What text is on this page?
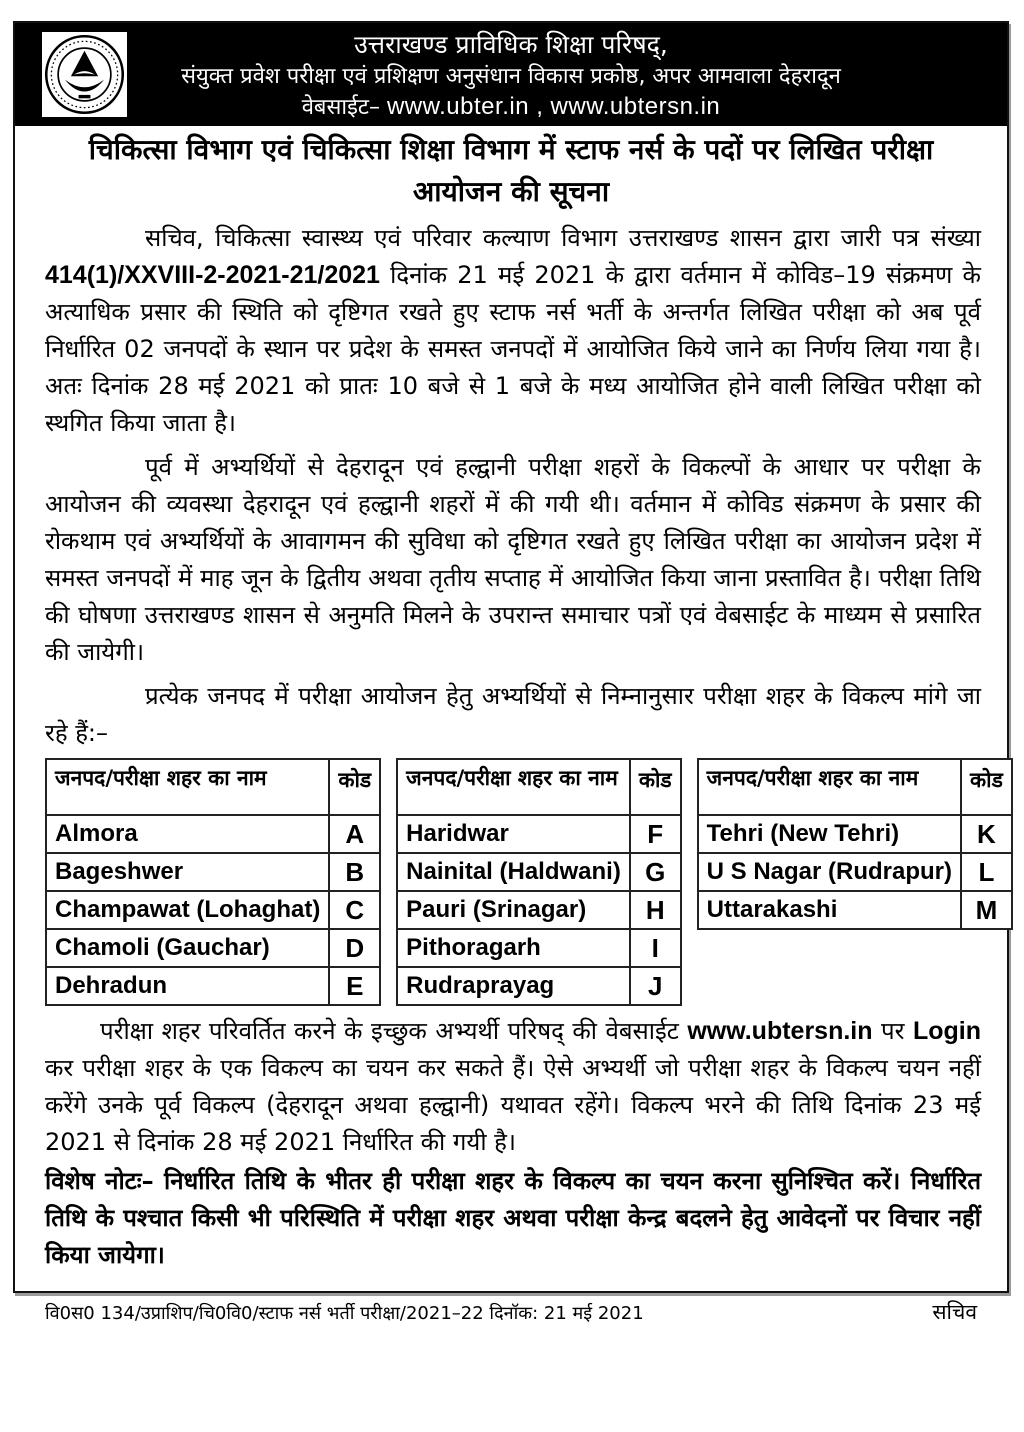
उत्तराखण्ड प्राविधिक शिक्षा परिषद्,
संयुक्त प्रवेश परीक्षा एवं प्रशिक्षण अनुसंधान विकास प्रकोष्ठ, अपर आमवाला देहरादून
वेबसाईट– www.ubter.in , www.ubtersn.in
चिकित्सा विभाग एवं चिकित्सा शिक्षा विभाग में स्टाफ नर्स के पदों पर लिखित परीक्षा
आयोजन की सूचना

सचिव, चिकित्सा स्वास्थ्य एवं परिवार कल्याण विभाग उत्तराखण्ड शासन द्वारा जारी पत्र संख्या 414(1)/XXVIII-2-2021-21/2021 दिनांक 21 मई 2021 के द्वारा वर्तमान में कोविड–19 संक्रमण के अत्याधिक प्रसार की स्थिति को दृष्टिगत रखते हुए स्टाफ नर्स भर्ती के अन्तर्गत लिखित परीक्षा को अब पूर्व निर्धारित 02 जनपदों के स्थान पर प्रदेश के समस्त जनपदों में आयोजित किये जाने का निर्णय लिया गया है। अतः दिनांक 28 मई 2021 को प्रातः 10 बजे से 1 बजे के मध्य आयोजित होने वाली लिखित परीक्षा को स्थगित किया जाता है।

पूर्व में अभ्यर्थियों से देहरादून एवं हल्द्वानी परीक्षा शहरों के विकल्पों के आधार पर परीक्षा के आयोजन की व्यवस्था देहरादून एवं हल्द्वानी शहरों में की गयी थी। वर्तमान में कोविड संक्रमण के प्रसार की रोकथाम एवं अभ्यर्थियों के आवागमन की सुविधा को दृष्टिगत रखते हुए लिखित परीक्षा का आयोजन प्रदेश में समस्त जनपदों में माह जून के द्वितीय अथवा तृतीय सप्ताह में आयोजित किया जाना प्रस्तावित है। परीक्षा तिथि की घोषणा उत्तराखण्ड शासन से अनुमति मिलने के उपरान्त समाचार पत्रों एवं वेबसाईट के माध्यम से प्रसारित की जायेगी।

प्रत्येक जनपद में परीक्षा आयोजन हेतु अभ्यर्थियों से निम्नानुसार परीक्षा शहर के विकल्प मांगे जा रहे हैं:–

जनपद/परीक्षा शहर का नाम	कोड
Almora	A
Bageshwer	B
Champawat (Lohaghat)	C
Chamoli (Gauchar)	D
Dehradun	E
जनपद/परीक्षा शहर का नाम	कोड
Haridwar	F
Nainital (Haldwani)	G
Pauri (Srinagar)	H
Pithoragarh	I
Rudraprayag	J
जनपद/परीक्षा शहर का नाम	कोड
Tehri (New Tehri)	K
U S Nagar (Rudrapur)	L
Uttarakashi	M

परीक्षा शहर परिवर्तित करने के इच्छुक अभ्यर्थी परिषद् की वेबसाईट www.ubtersn.in पर Login कर परीक्षा शहर के एक विकल्प का चयन कर सकते हैं। ऐसे अभ्यर्थी जो परीक्षा शहर के विकल्प चयन नहीं करेंगे उनके पूर्व विकल्प (देहरादून अथवा हल्द्वानी) यथावत रहेंगे। विकल्प भरने की तिथि दिनांक 23 मई 2021 से दिनांक 28 मई 2021 निर्धारित की गयी है।

विशेष नोटः– निर्धारित तिथि के भीतर ही परीक्षा शहर के विकल्प का चयन करना सुनिश्चित करें। निर्धारित तिथि के पश्चात किसी भी परिस्थिति में परीक्षा शहर अथवा परीक्षा केन्द्र बदलने हेतु आवेदनों पर विचार नहीं किया जायेगा।

वि0स0 134/उप्राशिप/चि0वि0/स्टाफ नर्स भर्ती परीक्षा/2021–22 दिनॉक: 21 मई 2021	सचिव
